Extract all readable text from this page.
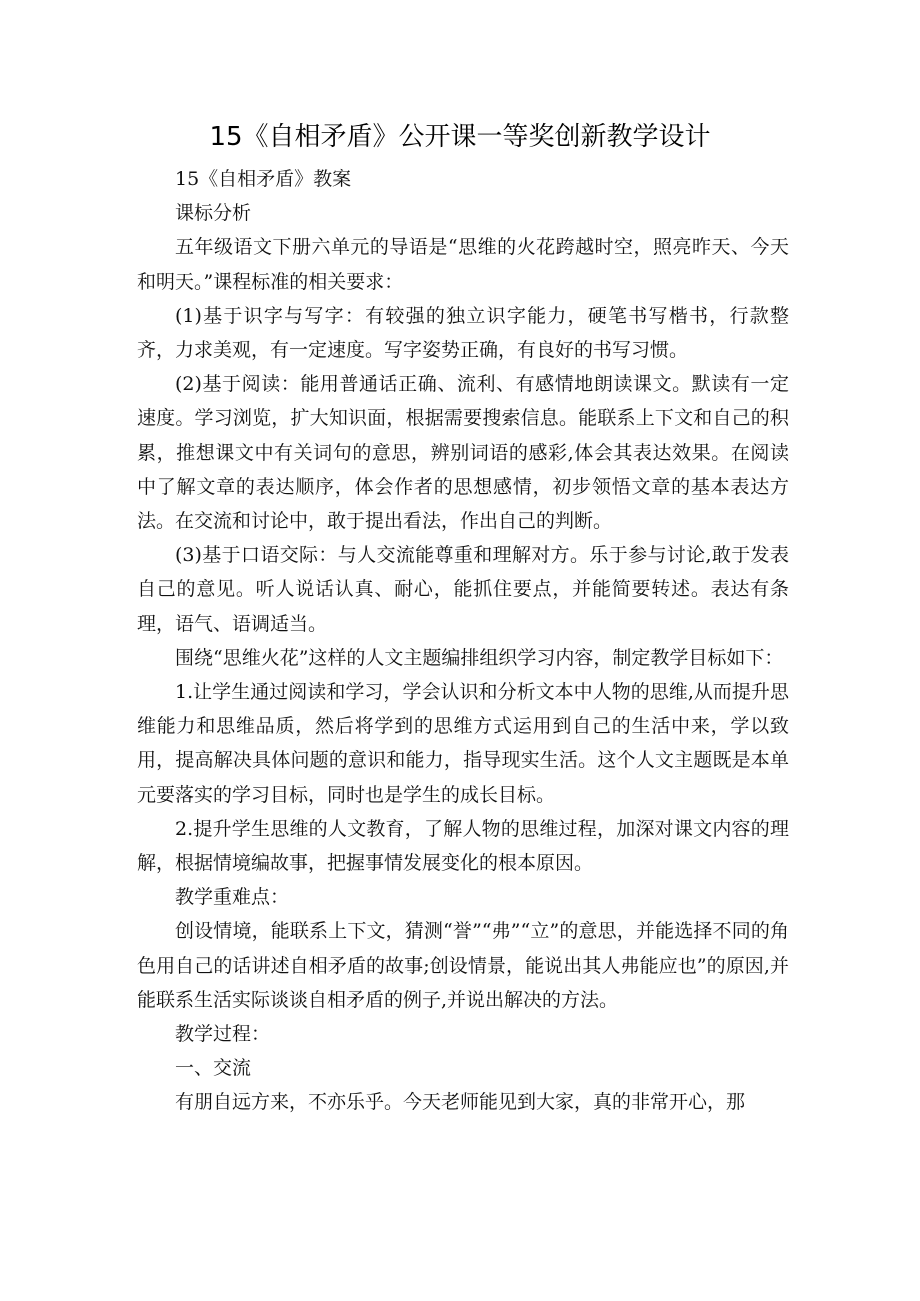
15《自相矛盾》公开课一等奖创新教学设计

15《自相矛盾》教案

课标分析

五年级语文下册六单元的导语是“思维的火花跨越时空，照亮昨天、今天和明天。”课程标准的相关要求：

(1)基于识字与写字：有较强的独立识字能力，硬笔书写楷书，行款整齐，力求美观，有一定速度。写字姿势正确，有良好的书写习惯。

(2)基于阅读：能用普通话正确、流利、有感情地朗读课文。默读有一定速度。学习浏览，扩大知识面，根据需要搜索信息。能联系上下文和自己的积累，推想课文中有关词句的意思，辨别词语的感彩,体会其表达效果。在阅读中了解文章的表达顺序，体会作者的思想感情，初步领悟文章的基本表达方法。在交流和讨论中，敢于提出看法，作出自己的判断。

(3)基于口语交际：与人交流能尊重和理解对方。乐于参与讨论,敢于发表自己的意见。听人说话认真、耐心，能抓住要点，并能简要转述。表达有条理，语气、语调适当。

围绕“思维火花”这样的人文主题编排组织学习内容，制定教学目标如下：

1.让学生通过阅读和学习，学会认识和分析文本中人物的思维,从而提升思维能力和思维品质，然后将学到的思维方式运用到自己的生活中来，学以致用，提高解决具体问题的意识和能力，指导现实生活。这个人文主题既是本单元要落实的学习目标，同时也是学生的成长目标。

2.提升学生思维的人文教育，了解人物的思维过程，加深对课文内容的理解，根据情境编故事，把握事情发展变化的根本原因。

教学重难点：

创设情境，能联系上下文，猜测“誉”“弗”“立”的意思，并能选择不同的角色用自己的话讲述自相矛盾的故事;创设情景，能说出其人弗能应也”的原因,并能联系生活实际谈谈自相矛盾的例子,并说出解决的方法。

教学过程：

一、交流

有朋自远方来，不亦乐乎。今天老师能见到大家，真的非常开心，那
